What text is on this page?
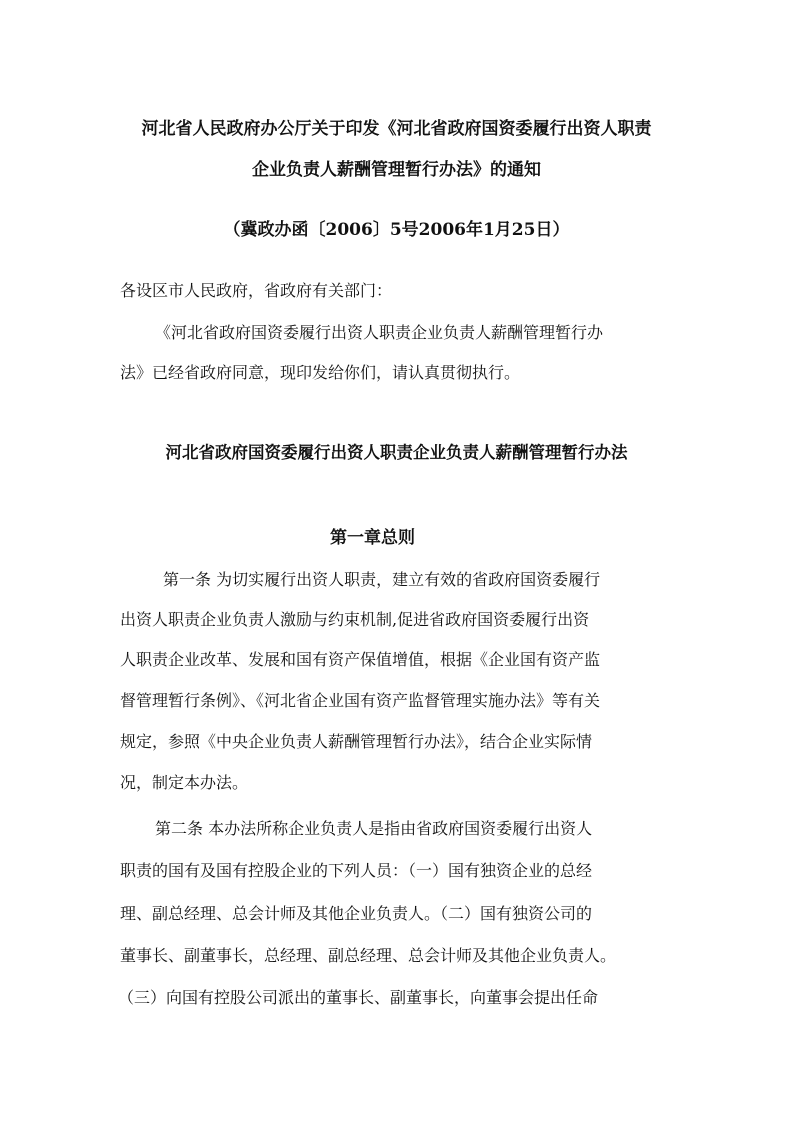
河北省人民政府办公厅关于印发《河北省政府国资委履行出资人职责
企业负责人薪酬管理暂行办法》的通知
（冀政办函〔2006〕5号2006年1月25日）
各设区市人民政府，省政府有关部门：
《河北省政府国资委履行出资人职责企业负责人薪酬管理暂行办
法》已经省政府同意，现印发给你们，请认真贯彻执行。
河北省政府国资委履行出资人职责企业负责人薪酬管理暂行办法
第一章总则
第一条 为切实履行出资人职责，建立有效的省政府国资委履行
出资人职责企业负责人激励与约束机制,促进省政府国资委履行出资
人职责企业改革、发展和国有资产保值增值，根据《企业国有资产监
督管理暂行条例》、《河北省企业国有资产监督管理实施办法》等有关
规定，参照《中央企业负责人薪酬管理暂行办法》，结合企业实际情
况，制定本办法。
第二条 本办法所称企业负责人是指由省政府国资委履行出资人
职责的国有及国有控股企业的下列人员：（一）国有独资企业的总经
理、副总经理、总会计师及其他企业负责人。（二）国有独资公司的
董事长、副董事长，总经理、副总经理、总会计师及其他企业负责人。
（三）向国有控股公司派出的董事长、副董事长，向董事会提出任命
